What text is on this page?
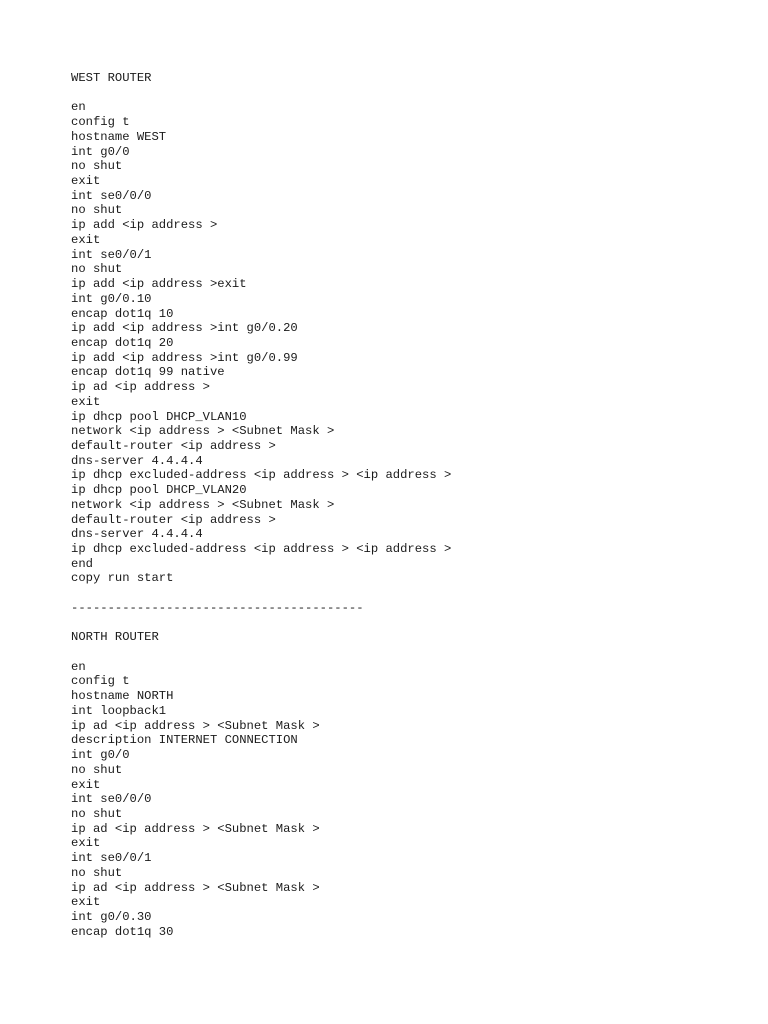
WEST ROUTER
en
config t
hostname WEST
int g0/0
no shut
exit
int se0/0/0
no shut
ip add <ip address >
exit
int se0/0/1
no shut
ip add <ip address >exit
int g0/0.10
encap dot1q 10
ip add <ip address >int g0/0.20
encap dot1q 20
ip add <ip address >int g0/0.99
encap dot1q 99 native
ip ad <ip address >
exit
ip dhcp pool DHCP_VLAN10
network <ip address > <Subnet Mask >
default-router <ip address >
dns-server 4.4.4.4
ip dhcp excluded-address <ip address > <ip address >
ip dhcp pool DHCP_VLAN20
network <ip address > <Subnet Mask >
default-router <ip address >
dns-server 4.4.4.4
ip dhcp excluded-address <ip address > <ip address >
end
copy run start
----------------------------------------
NORTH ROUTER
en
config t
hostname NORTH
int loopback1
ip ad <ip address > <Subnet Mask >
description INTERNET CONNECTION
int g0/0
no shut
exit
int se0/0/0
no shut
ip ad <ip address > <Subnet Mask >
exit
int se0/0/1
no shut
ip ad <ip address > <Subnet Mask >
exit
int g0/0.30
encap dot1q 30
